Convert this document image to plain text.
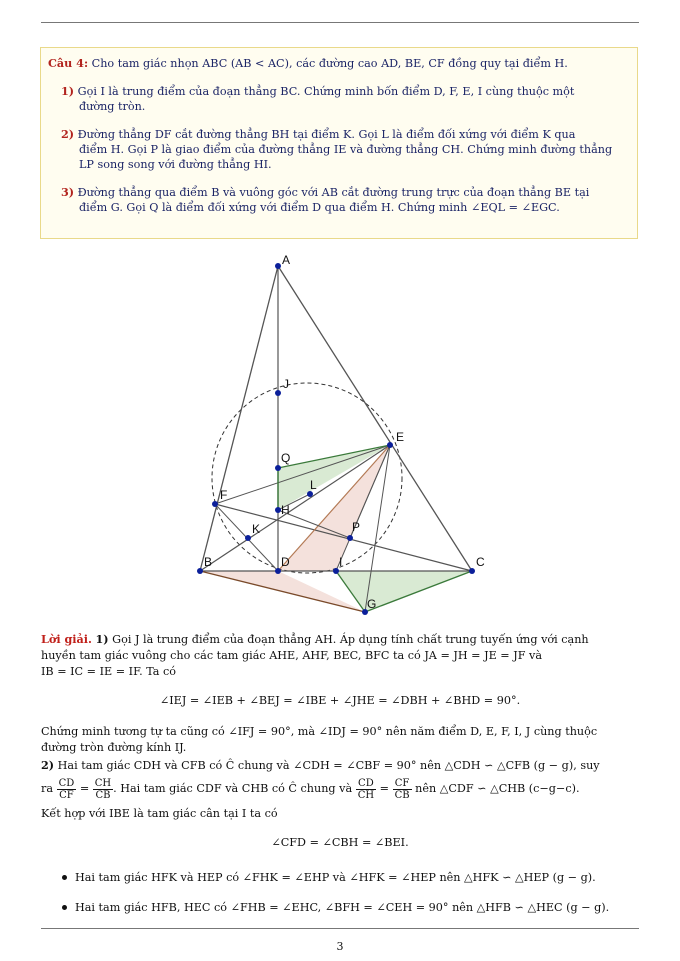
Câu 4: Cho tam giác nhọn ABC (AB < AC), các đường cao AD, BE, CF đồng quy tại điểm H.
1) Gọi I là trung điểm của đoạn thẳng BC. Chứng minh bốn điểm D, F, E, I cùng thuộc một
đường tròn.
2) Đường thẳng DF cắt đường thẳng BH tại điểm K. Gọi L là điểm đối xứng với điểm K qua
điểm H. Gọi P là giao điểm của đường thẳng IE và đường thẳng CH. Chứng minh đường thẳng
LP song song với đường thẳng HI.
3) Đường thẳng qua điểm B và vuông góc với AB cắt đường trung trực của đoạn thẳng BE tại
điểm G. Gọi Q là điểm đối xứng với điểm D qua điểm H. Chứng minh ∠EQL = ∠EGC.
A
J
E
Q
F
L
H
K	P
B	D	I	C
G
Lời giải. 1) Gọi J là trung điểm của đoạn thẳng AH. Áp dụng tính chất trung tuyến ứng với cạnh
huyền tam giác vuông cho các tam giác AHE, AHF, BEC, BFC ta có JA = JH = JE = JF và
IB = IC = IE = IF. Ta có
∠IEJ = ∠IEB + ∠BEJ = ∠IBE + ∠JHE = ∠DBH + ∠BHD = 90°.
Chứng minh tương tự ta cũng có ∠IFJ = 90°, mà ∠IDJ = 90° nên năm điểm D, E, F, I, J cùng thuộc
đường tròn đường kính IJ.
2) Hai tam giác CDH và CFB có Ĉ chung và ∠CDH = ∠CBF = 90° nên △CDH ∽ △CFB (g − g), suy
ra $\frac{CD}{CF} = \frac{CH}{CB}$ . Hai tam giác CDF và CHB có Ĉ chung và $\frac{CD}{CH} = \frac{CF}{CB}$ nên △CDF ∽ △CHB (c−g−c).
Kết hợp với IBE là tam giác cân tại I ta có
∠CFD = ∠CBH = ∠BEI.
Hai tam giác HFK và HEP có ∠FHK = ∠EHP và ∠HFK = ∠HEP nên △HFK ∽ △HEP (g − g).
Hai tam giác HFB, HEC có ∠FHB = ∠EHC, ∠BFH = ∠CEH = 90° nên △HFB ∽ △HEC (g − g).
3
